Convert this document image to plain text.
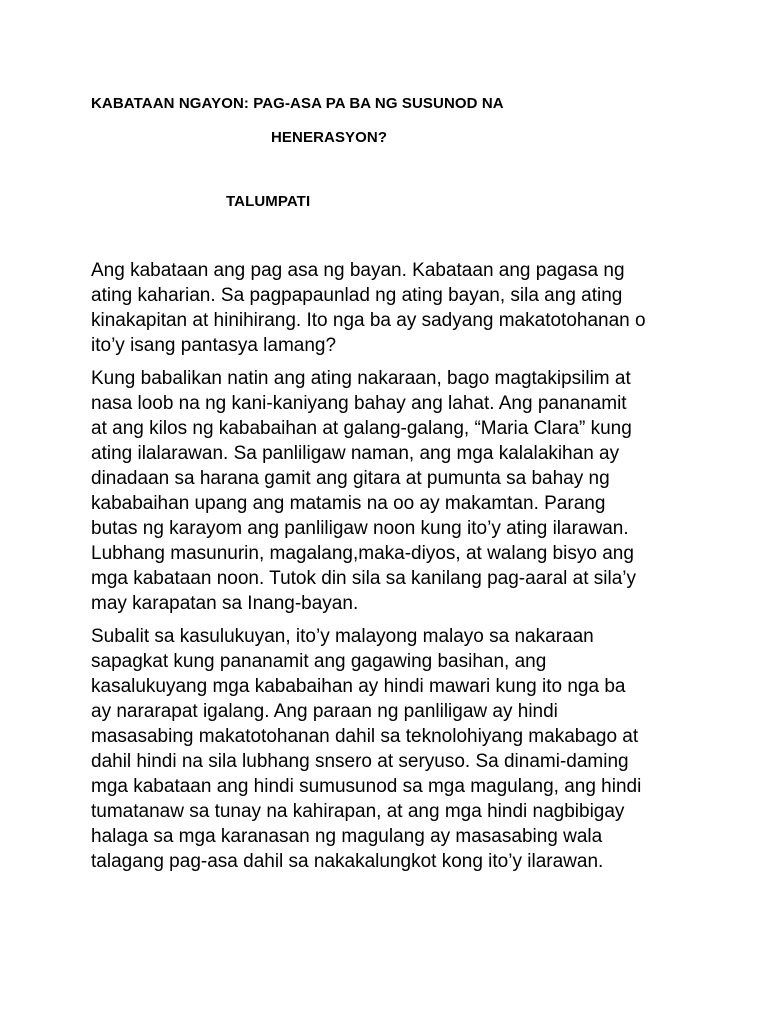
KABATAAN NGAYON: PAG-ASA PA BA NG SUSUNOD NA
HENERASYON?
TALUMPATI

Ang kabataan ang pag asa ng bayan. Kabataan ang pagasa ng
ating kaharian. Sa pagpapaunlad ng ating bayan, sila ang ating
kinakapitan at hinihirang. Ito nga ba ay sadyang makatotohanan o
ito’y isang pantasya lamang?

Kung babalikan natin ang ating nakaraan, bago magtakipsilim at
nasa loob na ng kani-kaniyang bahay ang lahat. Ang pananamit
at ang kilos ng kababaihan at galang-galang, “Maria Clara” kung
ating ilalarawan. Sa panliligaw naman, ang mga kalalakihan ay
dinadaan sa harana gamit ang gitara at pumunta sa bahay ng
kababaihan upang ang matamis na oo ay makamtan. Parang
butas ng karayom ang panliligaw noon kung ito’y ating ilarawan.
Lubhang masunurin, magalang,maka-diyos, at walang bisyo ang
mga kabataan noon. Tutok din sila sa kanilang pag-aaral at sila’y
may karapatan sa Inang-bayan.

Subalit sa kasulukuyan, ito’y malayong malayo sa nakaraan
sapagkat kung pananamit ang gagawing basihan, ang
kasalukuyang mga kababaihan ay hindi mawari kung ito nga ba
ay nararapat igalang. Ang paraan ng panliligaw ay hindi
masasabing makatotohanan dahil sa teknolohiyang makabago at
dahil hindi na sila lubhang snsero at seryuso. Sa dinami-daming
mga kabataan ang hindi sumusunod sa mga magulang, ang hindi
tumatanaw sa tunay na kahirapan, at ang mga hindi nagbibigay
halaga sa mga karanasan ng magulang ay masasabing wala
talagang pag-asa dahil sa nakakalungkot kong ito’y ilarawan.
